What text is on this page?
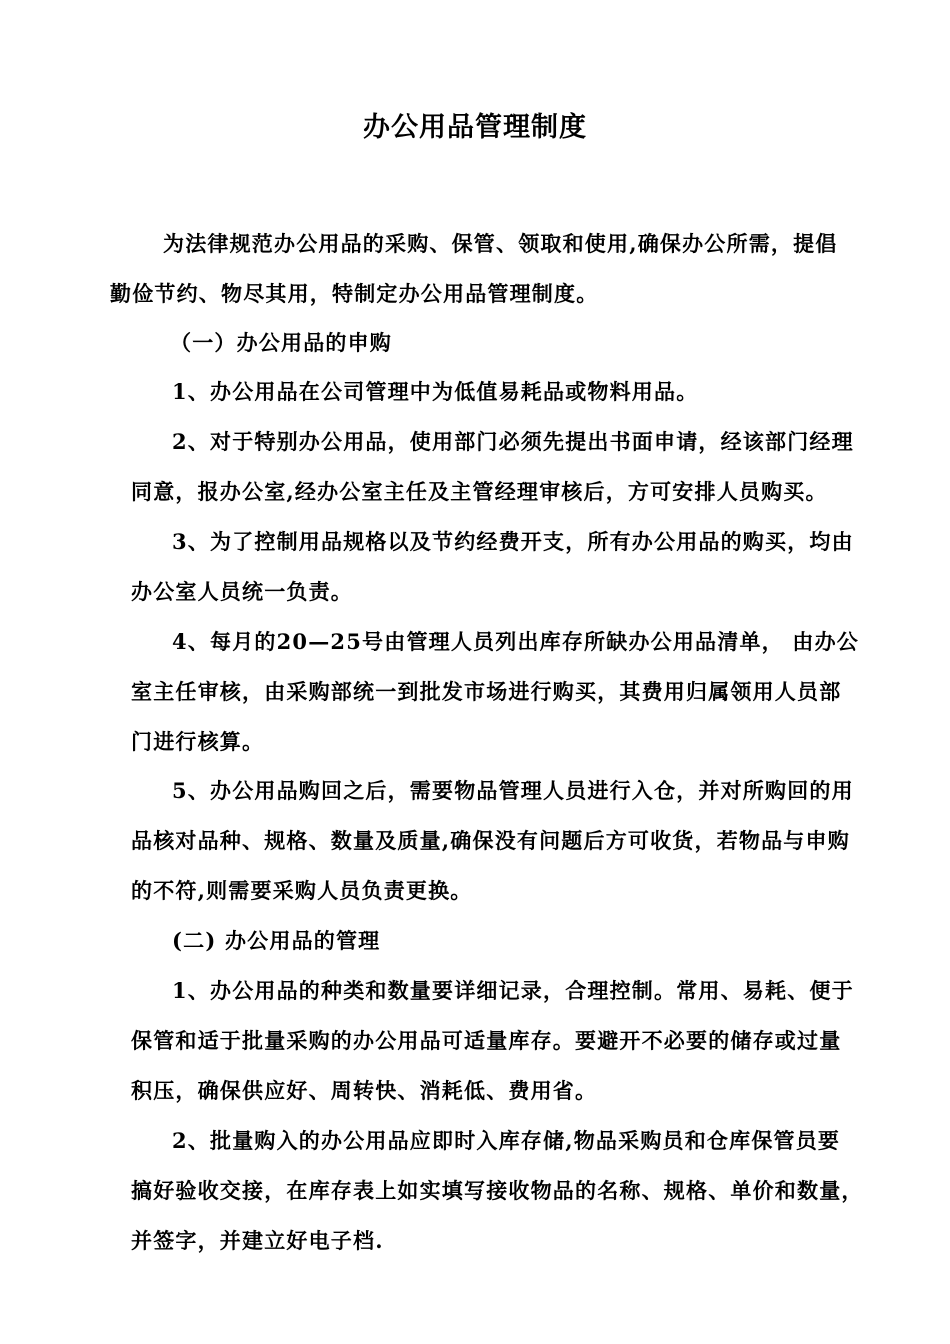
办公用品管理制度
为法律规范办公用品的采购、保管、领取和使用,确保办公所需，提倡
勤俭节约、物尽其用，特制定办公用品管理制度。
（一）办公用品的申购
1、办公用品在公司管理中为低值易耗品或物料用品。
2、对于特别办公用品，使用部门必须先提出书面申请，经该部门经理
同意，报办公室,经办公室主任及主管经理审核后，方可安排人员购买。
3、为了控制用品规格以及节约经费开支，所有办公用品的购买，均由
办公室人员统一负责。
4、每月的20—25号由管理人员列出库存所缺办公用品清单， 由办公
室主任审核，由采购部统一到批发市场进行购买，其费用归属领用人员部
门进行核算。
5、办公用品购回之后，需要物品管理人员进行入仓，并对所购回的用
品核对品种、规格、数量及质量,确保没有问题后方可收货，若物品与申购
的不符,则需要采购人员负责更换。
(二) 办公用品的管理
1、办公用品的种类和数量要详细记录，合理控制。常用、易耗、便于
保管和适于批量采购的办公用品可适量库存。要避开不必要的储存或过量
积压，确保供应好、周转快、消耗低、费用省。
2、批量购入的办公用品应即时入库存储,物品采购员和仓库保管员要
搞好验收交接，在库存表上如实填写接收物品的名称、规格、单价和数量，
并签字，并建立好电子档.
